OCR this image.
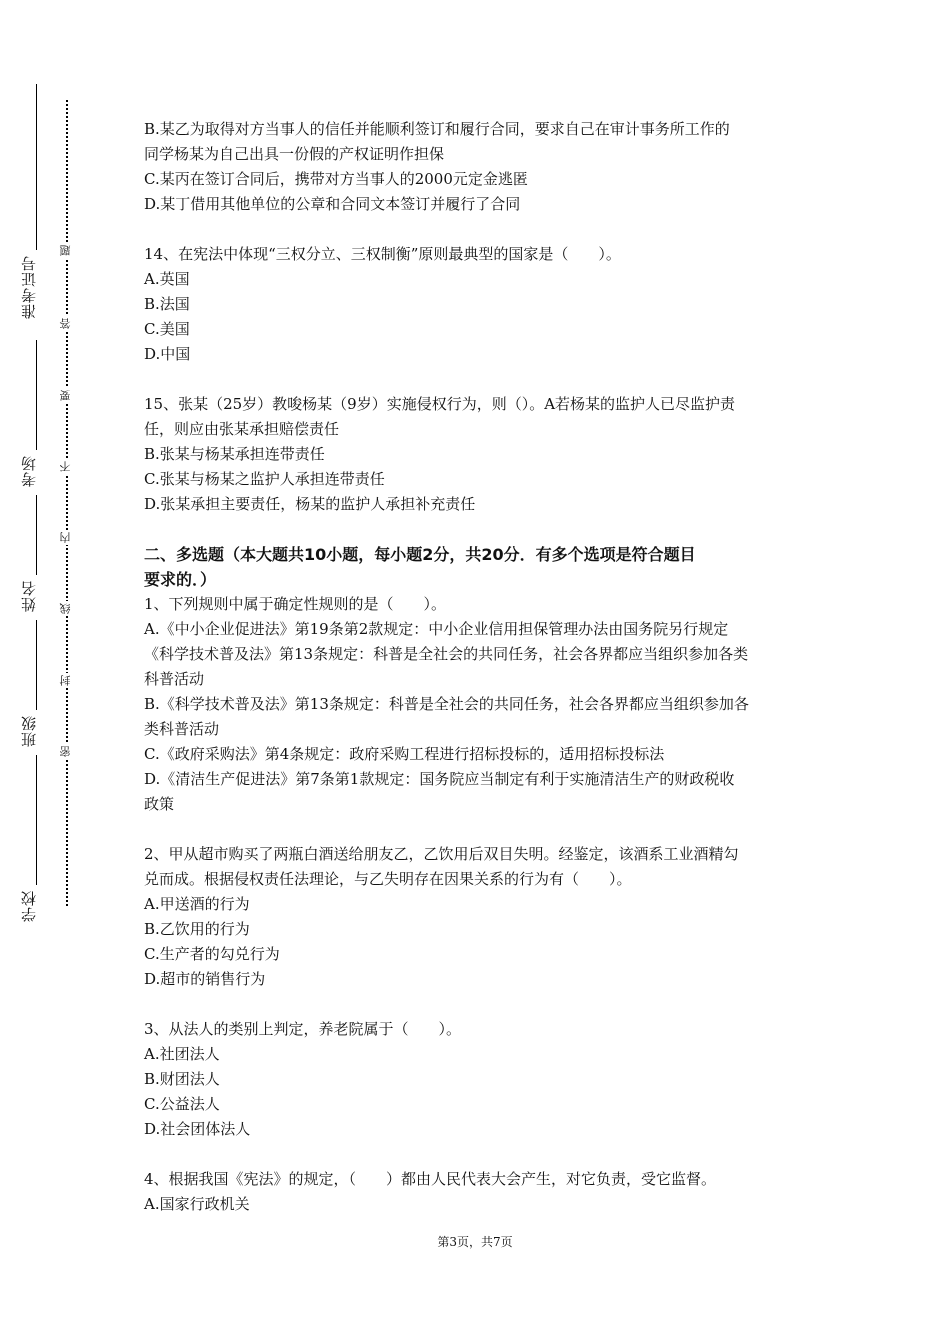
准考证号
考场
姓名
班级
学校
题
答
要
不
内
线
封
密

B.某乙为取得对方当事人的信任并能顺利签订和履行合同，要求自己在审计事务所工作的

同学杨某为自己出具一份假的产权证明作担保

C.某丙在签订合同后，携带对方当事人的2000元定金逃匿

D.某丁借用其他单位的公章和合同文本签订并履行了合同

14、在宪法中体现“三权分立、三权制衡”原则最典型的国家是（　　）。

A.英国

B.法国

C.美国

D.中国

15、张某（25岁）教唆杨某（9岁）实施侵权行为，则（）。A若杨某的监护人已尽监护责

任，则应由张某承担赔偿责任

B.张某与杨某承担连带责任

C.张某与杨某之监护人承担连带责任

D.张某承担主要责任，杨某的监护人承担补充责任

二、多选题（本大题共10小题，每小题2分，共20分．有多个选项是符合题目

要求的．）

1、下列规则中属于确定性规则的是（　　）。

A.《中小企业促进法》第19条第2款规定：中小企业信用担保管理办法由国务院另行规定

《科学技术普及法》第13条规定：科普是全社会的共同任务，社会各界都应当组织参加各类

科普活动

B.《科学技术普及法》第13条规定：科普是全社会的共同任务，社会各界都应当组织参加各

类科普活动

C.《政府采购法》第4条规定：政府采购工程进行招标投标的，适用招标投标法

D.《清洁生产促进法》第7条第1款规定：国务院应当制定有利于实施清洁生产的财政税收

政策

2、甲从超市购买了两瓶白酒送给朋友乙，乙饮用后双目失明。经鉴定，该酒系工业酒精勾

兑而成。根据侵权责任法理论，与乙失明存在因果关系的行为有（　　）。

A.甲送酒的行为

B.乙饮用的行为

C.生产者的勾兑行为

D.超市的销售行为

3、从法人的类别上判定，养老院属于（　　）。

A.社团法人

B.财团法人

C.公益法人

D.社会团体法人

4、根据我国《宪法》的规定，（　　）都由人民代表大会产生，对它负责，受它监督。

A.国家行政机关

第3页，共7页
